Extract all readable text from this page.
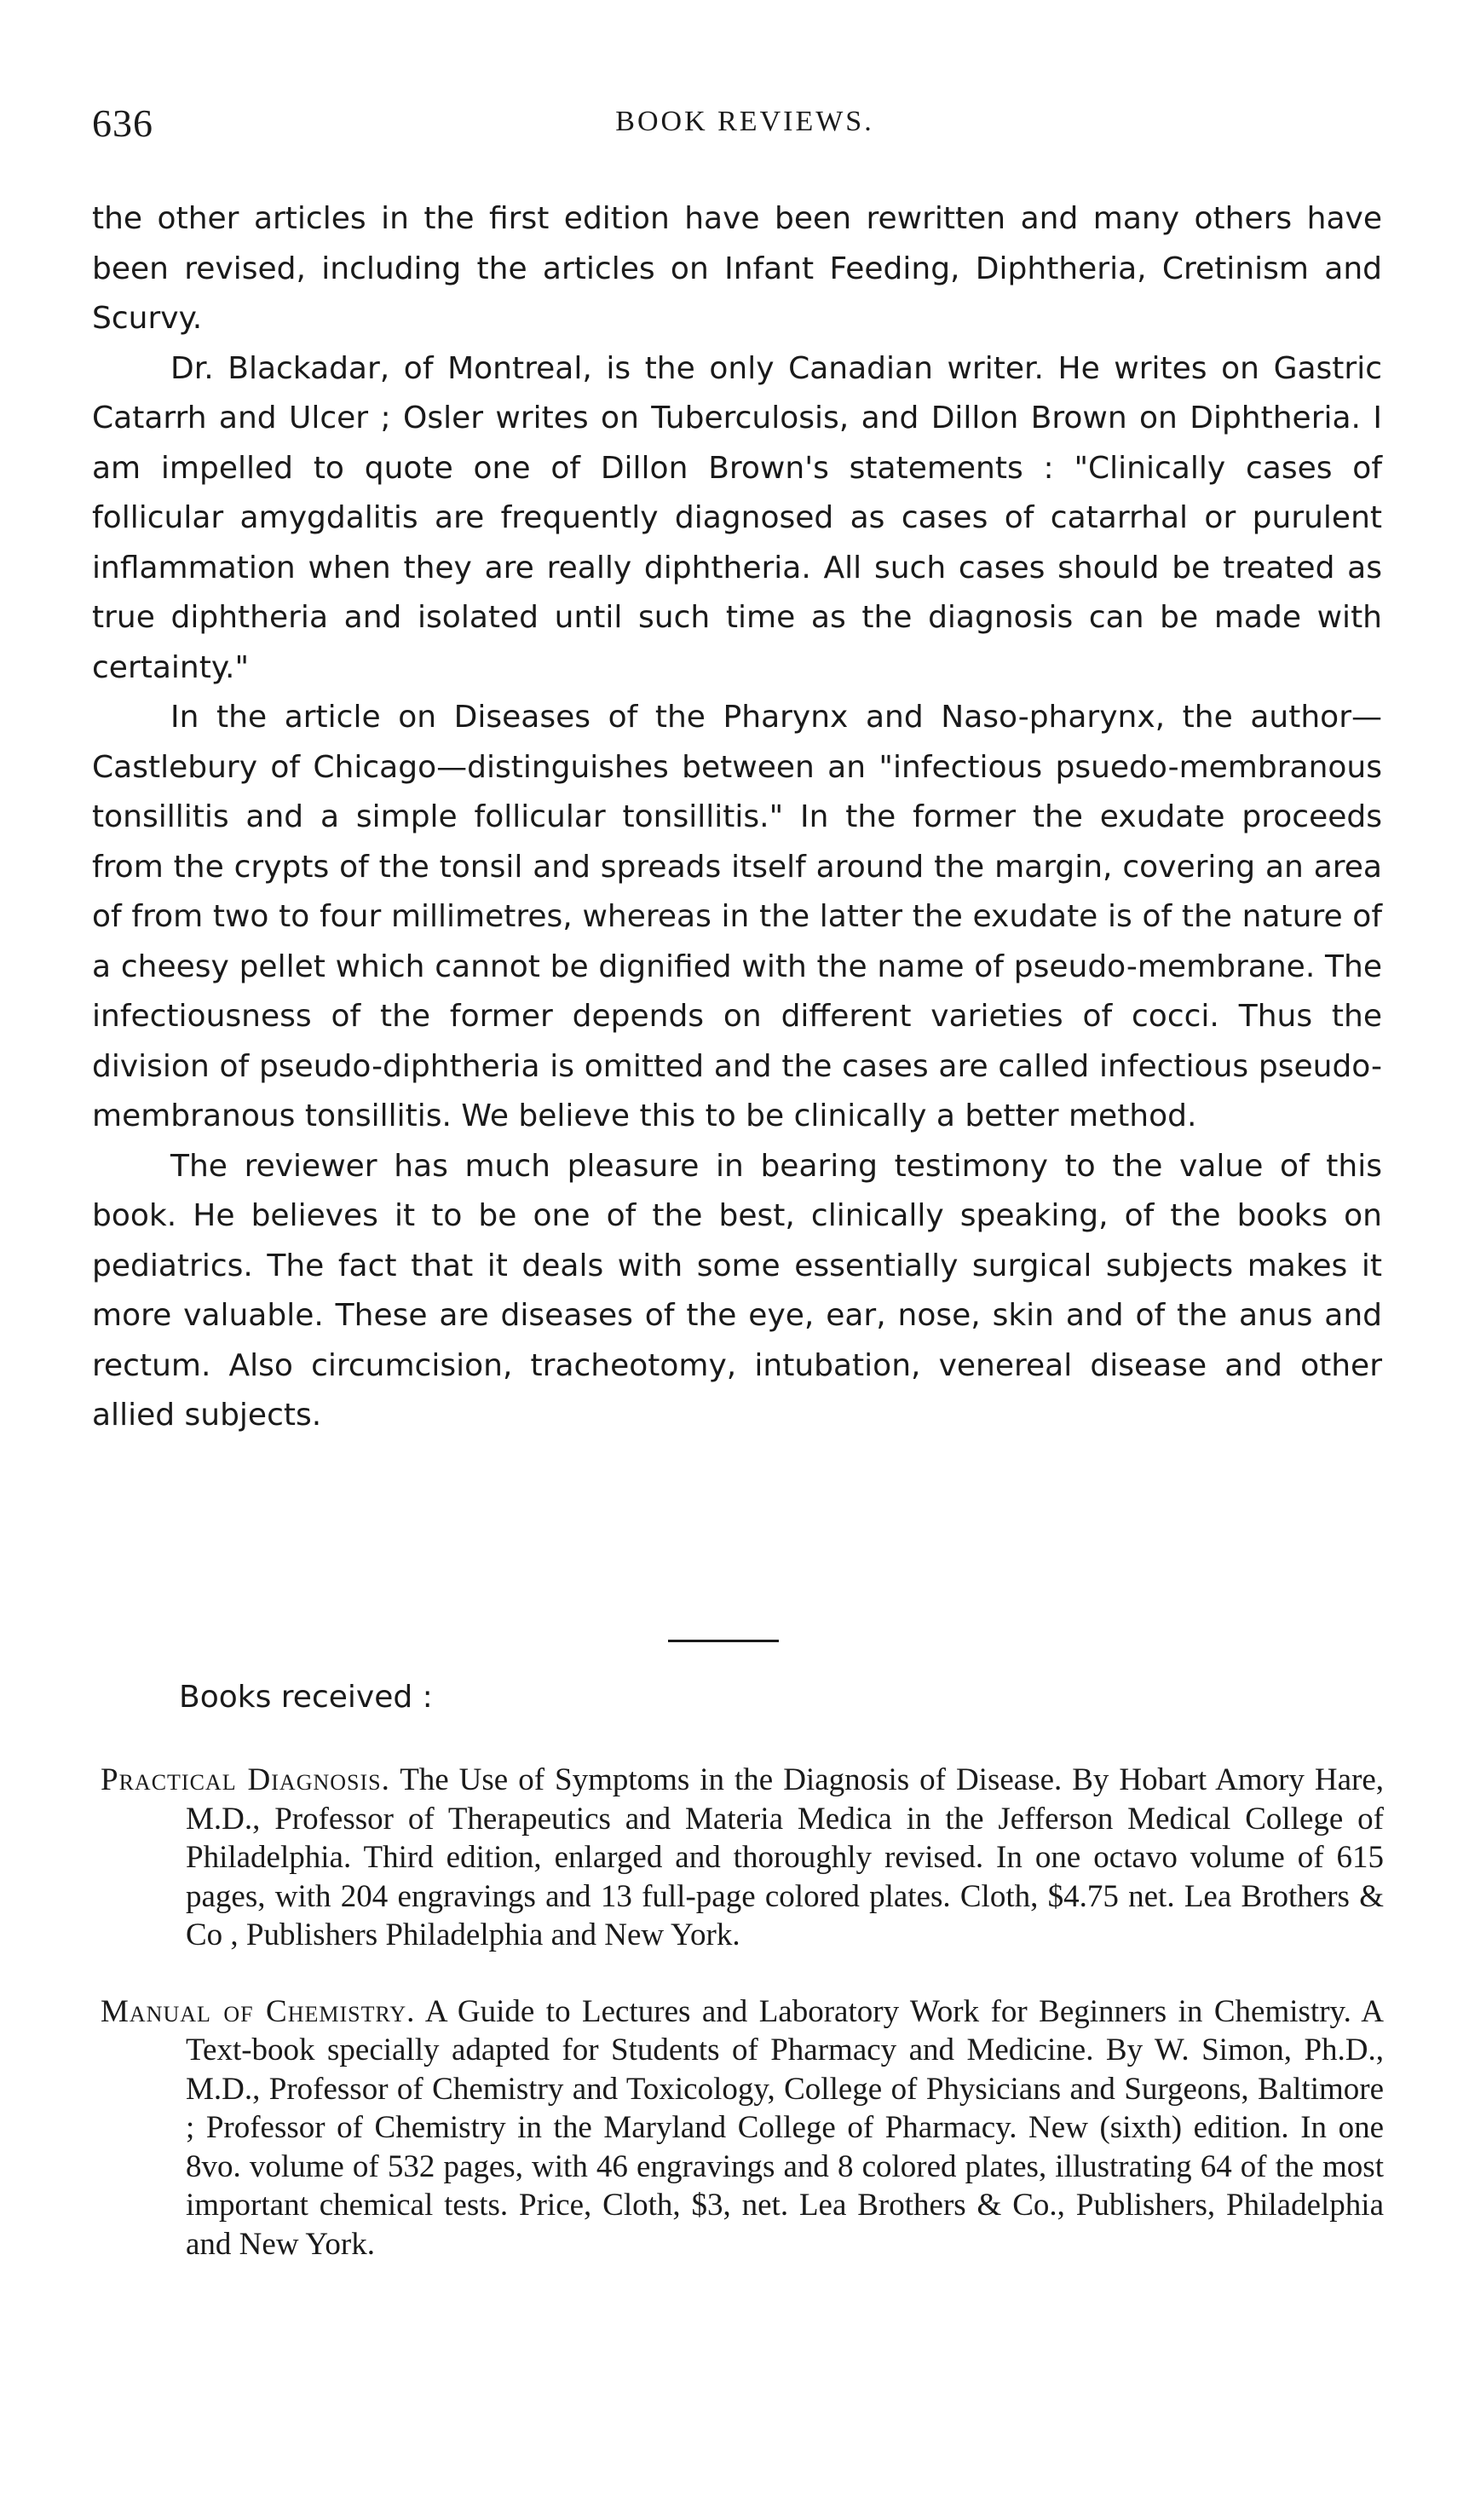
636	BOOK REVIEWS.

the other articles in the first edition have been rewritten and many others have been revised, including the articles on Infant Feeding, Diphtheria, Cretinism and Scurvy.

Dr. Blackadar, of Montreal, is the only Canadian writer. He writes on Gastric Catarrh and Ulcer ; Osler writes on Tuberculosis, and Dillon Brown on Diphtheria. I am impelled to quote one of Dillon Brown's statements : "Clinically cases of follicular amygdalitis are frequently diagnosed as cases of catarrhal or purulent inflammation when they are really diphtheria. All such cases should be treated as true diphtheria and isolated until such time as the diagnosis can be made with certainty."

In the article on Diseases of the Pharynx and Naso-pharynx, the author—Castlebury of Chicago—distinguishes between an "infectious psuedo-membranous tonsillitis and a simple follicular tonsillitis." In the former the exudate proceeds from the crypts of the tonsil and spreads itself around the margin, covering an area of from two to four millimetres, whereas in the latter the exudate is of the nature of a cheesy pellet which cannot be dignified with the name of pseudo-membrane. The infectiousness of the former depends on different varieties of cocci. Thus the division of pseudo-diphtheria is omitted and the cases are called infectious pseudo-membranous tonsillitis. We believe this to be clinically a better method.

The reviewer has much pleasure in bearing testimony to the value of this book. He believes it to be one of the best, clinically speaking, of the books on pediatrics. The fact that it deals with some essentially surgical subjects makes it more valuable. These are diseases of the eye, ear, nose, skin and of the anus and rectum. Also circumcision, tracheotomy, intubation, venereal disease and other allied subjects.

Books received :

Practical Diagnosis. The Use of Symptoms in the Diagnosis of Disease. By Hobart Amory Hare, M.D., Professor of Therapeutics and Materia Medica in the Jefferson Medical College of Philadelphia. Third edition, enlarged and thoroughly revised. In one octavo volume of 615 pages, with 204 engravings and 13 full-page colored plates. Cloth, $4.75 net. Lea Brothers & Co , Publishers Philadelphia and New York.

Manual of Chemistry. A Guide to Lectures and Laboratory Work for Beginners in Chemistry. A Text-book specially adapted for Students of Pharmacy and Medicine. By W. Simon, Ph.D., M.D., Professor of Chemistry and Toxicology, College of Physicians and Surgeons, Baltimore ; Professor of Chemistry in the Maryland College of Pharmacy. New (sixth) edition. In one 8vo. volume of 532 pages, with 46 engravings and 8 colored plates, illustrating 64 of the most important chemical tests. Price, Cloth, $3, net. Lea Brothers & Co., Publishers, Philadelphia and New York.
